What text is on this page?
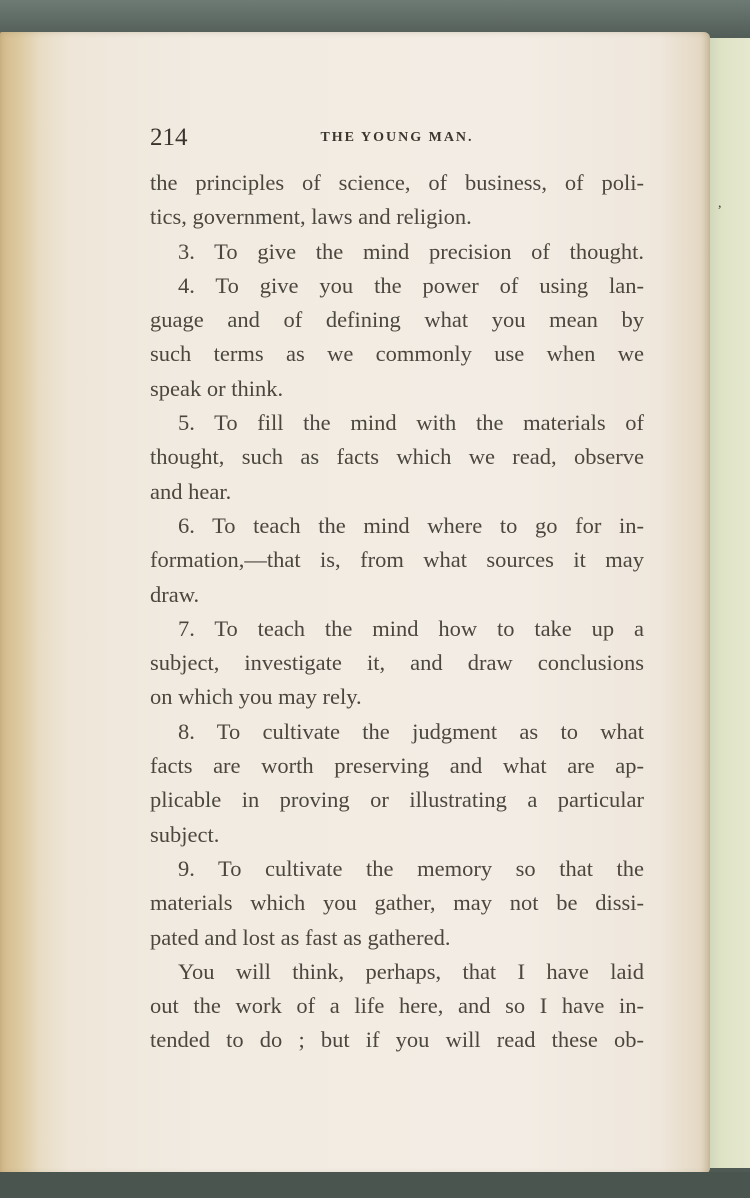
,
214	THE YOUNG MAN.
the principles of science, of business, of poli-
tics, government, laws and religion.
3. To give the mind precision of thought.
4. To give you the power of using lan-
guage and of defining what you mean by
such terms as we commonly use when we
speak or think.
5. To fill the mind with the materials of
thought, such as facts which we read, observe
and hear.
6. To teach the mind where to go for in-
formation,—that is, from what sources it may
draw.
7. To teach the mind how to take up a
subject, investigate it, and draw conclusions
on which you may rely.
8. To cultivate the judgment as to what
facts are worth preserving and what are ap-
plicable in proving or illustrating a particular
subject.
9. To cultivate the memory so that the
materials which you gather, may not be dissi-
pated and lost as fast as gathered.
You will think, perhaps, that I have laid
out the work of a life here, and so I have in-
tended to do ; but if you will read these ob-
